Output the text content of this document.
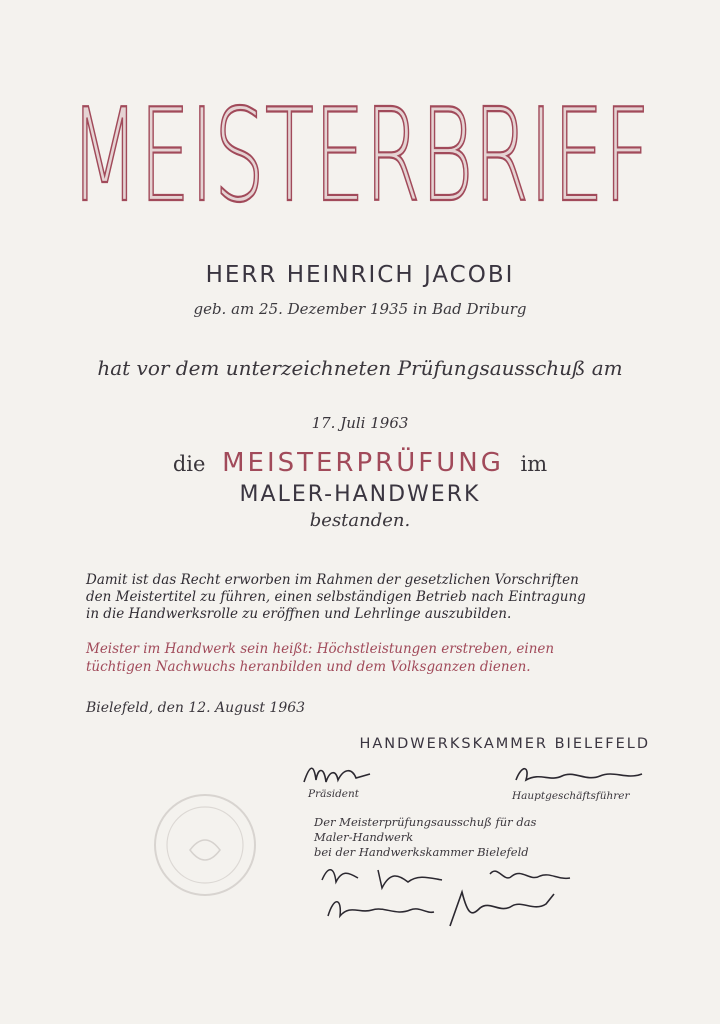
MEISTERBRIEF
HERR HEINRICH JACOBI
geb. am 25. Dezember 1935 in Bad Driburg
hat vor dem unterzeichneten Prüfungsausschuß am
17. Juli 1963
die MEISTERPRÜFUNG im
MALER-HANDWERK
bestanden.
Damit ist das Recht erworben im Rahmen der gesetzlichen Vorschriften
den Meistertitel zu führen, einen selbständigen Betrieb nach Eintragung
in die Handwerksrolle zu eröffnen und Lehrlinge auszubilden.
Meister im Handwerk sein heißt: Höchstleistungen erstreben, einen
tüchtigen Nachwuchs heranbilden und dem Volksganzen dienen.
Bielefeld, den 12. August 1963
HANDWERKSKAMMER BIELEFELD
Präsident	Hauptgeschäftsführer
Der Meisterprüfungsausschuß für das
Maler-Handwerk
bei der Handwerkskammer Bielefeld
